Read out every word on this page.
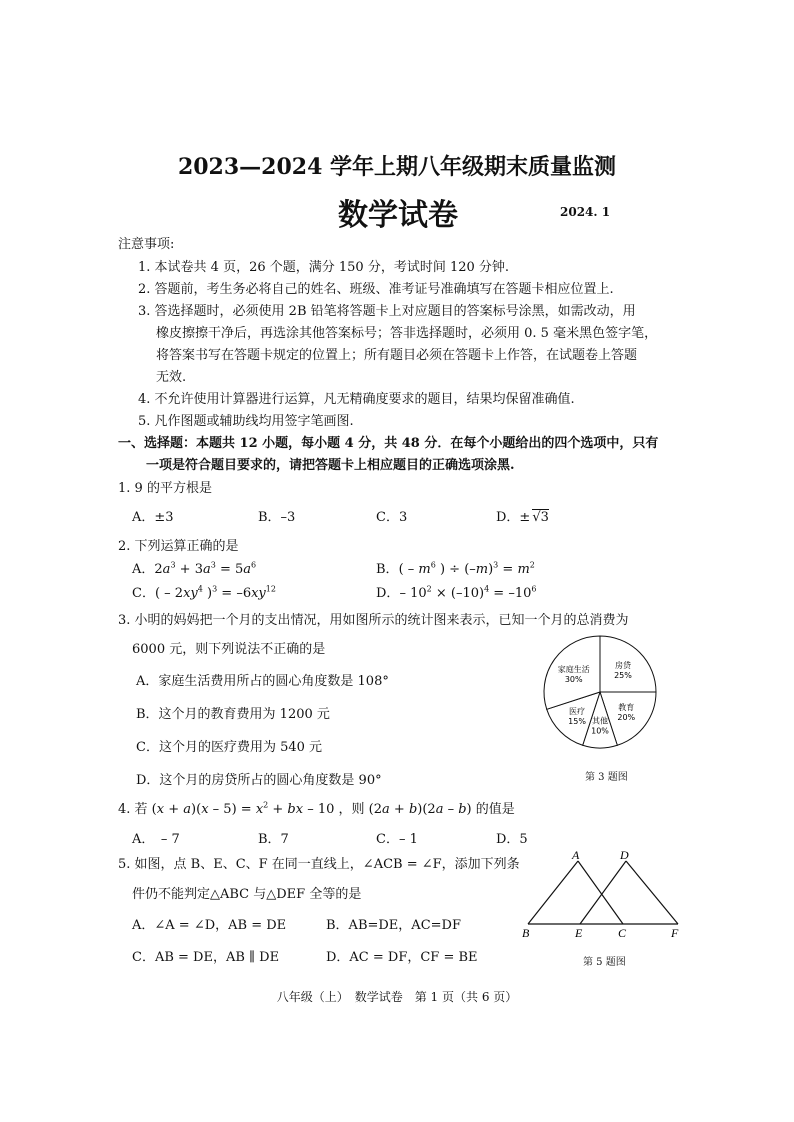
2023—2024 学年上期八年级期末质量监测
数学试卷	2024. 1
注意事项:
1. 本试卷共 4 页，26 个题，满分 150 分，考试时间 120 分钟.
2. 答题前，考生务必将自己的姓名、班级、准考证号准确填写在答题卡相应位置上.
3. 答选择题时，必须使用 2B 铅笔将答题卡上对应题目的答案标号涂黑，如需改动，用
橡皮擦擦干净后，再选涂其他答案标号；答非选择题时，必须用 0. 5 毫米黑色签字笔，
将答案书写在答题卡规定的位置上；所有题目必须在答题卡上作答，在试题卷上答题
无效.
4. 不允许使用计算器进行运算，凡无精确度要求的题目，结果均保留准确值.
5. 凡作图题或辅助线均用签字笔画图.
一、选择题：本题共 12 小题，每小题 4 分，共 48 分．在每个小题给出的四个选项中，只有
一项是符合题目要求的，请把答题卡上相应题目的正确选项涂黑.
1. 9 的平方根是
A．±3	B．–3	C．3	D．± √3
2. 下列运算正确的是
A．$2a^3 + 3a^3 = 5a^6$	B．( – $m^6$ ) ÷ $(-m)^3 = m^2$
C．( – $2xy^4$ )$^3 = -6xy^{12}$	D．– $10^2 \times (-10)^4 = -10^6$
3. 小明的妈妈把一个月的支出情况，用如图所示的统计图来表示，已知一个月的总消费为
6000 元，则下列说法不正确的是
A．家庭生活费用所占的圆心角度数是 108°
B．这个月的教育费用为 1200 元
C．这个月的医疗费用为 540 元
D．这个月的房贷所占的圆心角度数是 90°
房贷
25%
教育
20%
其他
10%
医疗
15%
家庭生活
30%
第 3 题图
4. 若 $(x + a)(x - 5) = x^2$ + bx – 10 ，则 (2a + b)(2a – b) 的值是
A．　– 7	B．7	C．– 1	D．5
5. 如图，点 B、E、C、F 在同一直线上，∠ACB = ∠F，添加下列条
件仍不能判定△ABC 与△DEF 全等的是
A．∠A = ∠D，AB = DE	B．AB=DE，AC=DF
C．AB = DE，AB ∥ DE	D．AC = DF，CF = BE
A	D
B	E	C	F
第 5 题图
八年级（上）　数学试卷　第 1 页（共 6 页）
